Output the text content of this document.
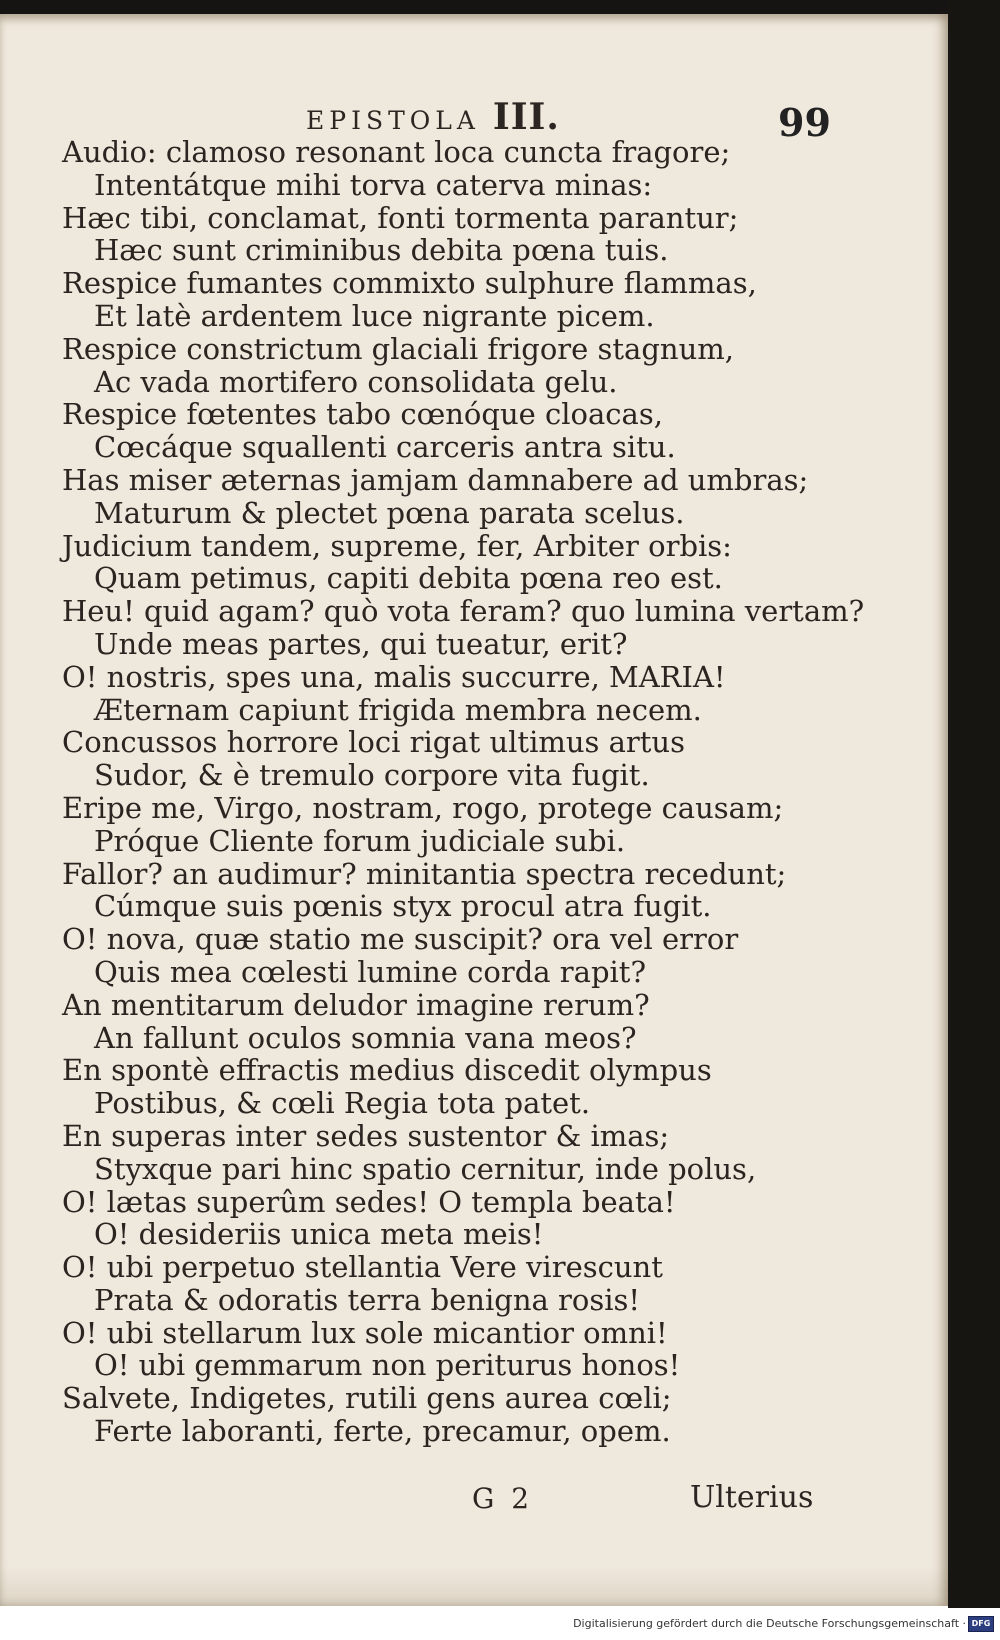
EPISTOLA III.	99
Audio: clamoso resonant loca cuncta fragore;
Intentátque mihi torva caterva minas:
Hæc tibi, conclamat, fonti tormenta parantur;
Hæc sunt criminibus debita pœna tuis.
Respice fumantes commixto sulphure flammas,
Et latè ardentem luce nigrante picem.
Respice constrictum glaciali frigore stagnum,
Ac vada mortifero consolidata gelu.
Respice fœtentes tabo cœnóque cloacas,
Cœcáque squallenti carceris antra situ.
Has miser æternas jamjam damnabere ad umbras;
Maturum & plectet pœna parata scelus.
Judicium tandem, supreme, fer, Arbiter orbis:
Quam petimus, capiti debita pœna reo est.
Heu! quid agam? quò vota feram? quo lumina vertam?
Unde meas partes, qui tueatur, erit?
O! nostris, spes una, malis succurre, MARIA!
Æternam capiunt frigida membra necem.
Concussos horrore loci rigat ultimus artus
Sudor, & è tremulo corpore vita fugit.
Eripe me, Virgo, nostram, rogo, protege causam;
Próque Cliente forum judiciale subi.
Fallor? an audimur? minitantia spectra recedunt;
Cúmque suis pœnis styx procul atra fugit.
O! nova, quæ statio me suscipit? ora vel error
Quis mea cœlesti lumine corda rapit?
An mentitarum deludor imagine rerum?
An fallunt oculos somnia vana meos?
En spontè effractis medius discedit olympus
Postibus, & cœli Regia tota patet.
En superas inter sedes sustentor & imas;
Styxque pari hinc spatio cernitur, inde polus,
O! lætas superûm sedes! O templa beata!
O! desideriis unica meta meis!
O! ubi perpetuo stellantia Vere virescunt
Prata & odoratis terra benigna rosis!
O! ubi stellarum lux sole micantior omni!
O! ubi gemmarum non periturus honos!
Salvete, Indigetes, rutili gens aurea cœli;
Ferte laboranti, ferte, precamur, opem.
G 2	Ulterius
Digitalisierung gefördert durch die Deutsche Forschungsgemeinschaft · DFG
